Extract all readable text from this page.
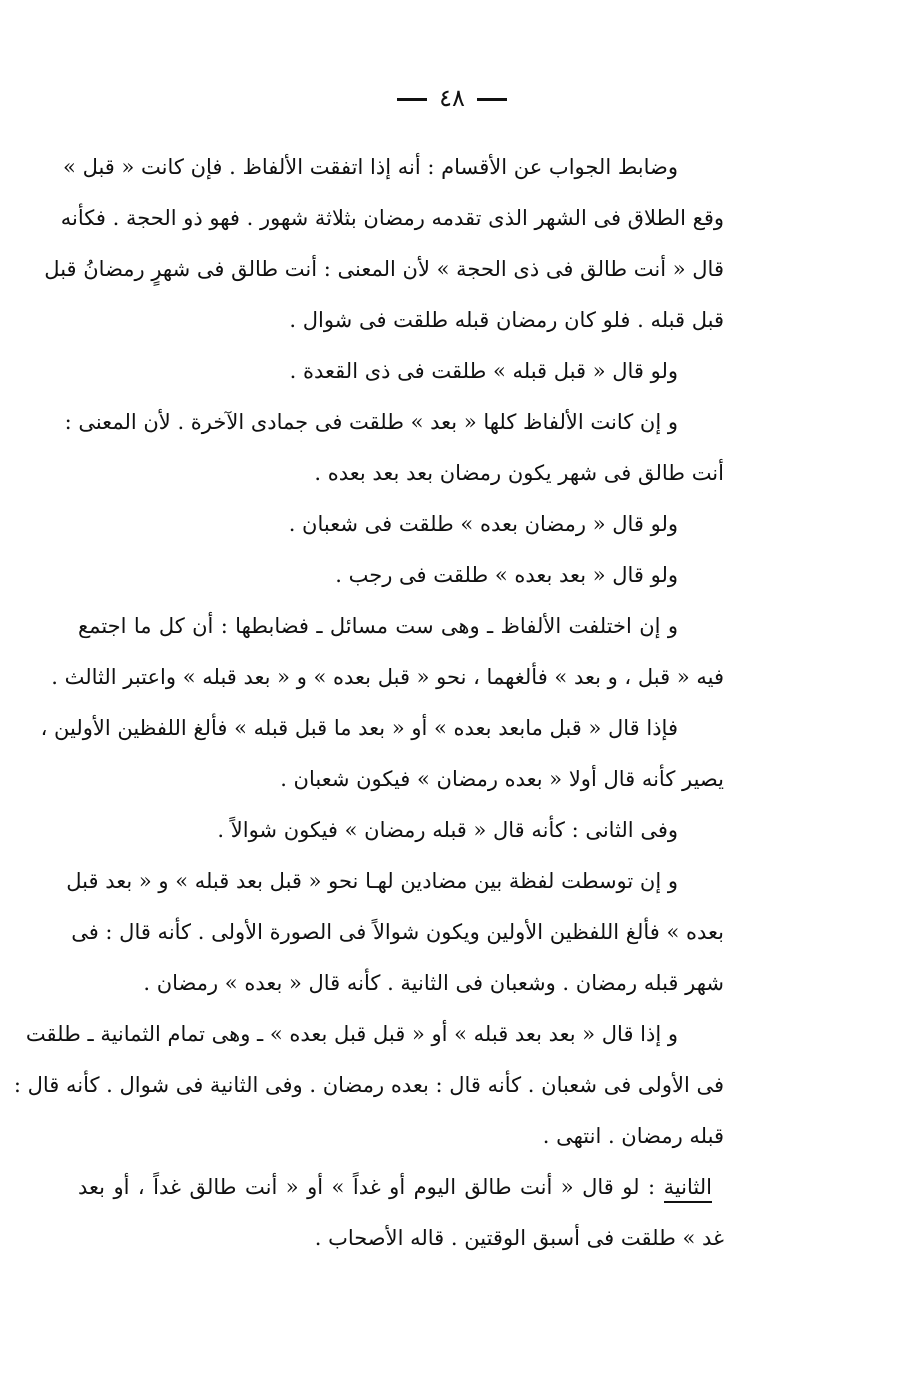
٤٨
وضابط الجواب عن الأقسام : أنه إذا اتفقت الألفاظ . فإن كانت « قبل »
وقع الطلاق فى الشهر الذى تقدمه رمضان بثلاثة شهور . فهو ذو الحجة . فكأنه
قال « أنت طالق فى ذى الحجة » لأن المعنى : أنت طالق فى شهرٍ رمضانُ قبل
قبل قبله . فلو كان رمضان قبله طلقت فى شوال .
ولو قال « قبل قبله » طلقت فى ذى القعدة .
و إن كانت الألفاظ كلها « بعد » طلقت فى جمادى الآخرة . لأن المعنى :
أنت طالق فى شهر يكون رمضان بعد بعد بعده .
ولو قال « رمضان بعده » طلقت فى شعبان .
ولو قال « بعد بعده » طلقت فى رجب .
و إن اختلفت الألفاظ ـ وهى ست مسائل ـ فضابطها : أن كل ما اجتمع
فيه « قبل ، و بعد » فألغهما ، نحو « قبل بعده » و « بعد قبله » واعتبر الثالث .
فإذا قال « قبل مابعد بعده » أو « بعد ما قبل قبله » فألغ اللفظين الأولين ،
يصير كأنه قال أولا « بعده رمضان » فيكون شعبان .
وفى الثانى : كأنه قال « قبله رمضان » فيكون شوالاً .
و إن توسطت لفظة بين مضادين لهـا نحو « قبل بعد قبله » و « بعد قبل
بعده » فألغ اللفظين الأولين ويكون شوالاً فى الصورة الأولى . كأنه قال : فى
شهر قبله رمضان . وشعبان فى الثانية . كأنه قال « بعده » رمضان .
و إذا قال « بعد بعد قبله » أو « قبل قبل بعده » ـ وهى تمام الثمانية ـ طلقت
فى الأولى فى شعبان . كأنه قال : بعده رمضان . وفى الثانية فى شوال . كأنه قال :
قبله رمضان . انتهى .
الثانية : لو قال « أنت طالق اليوم أو غداً » أو « أنت طالق غداً ، أو بعد
غد » طلقت فى أسبق الوقتين . قاله الأصحاب .
